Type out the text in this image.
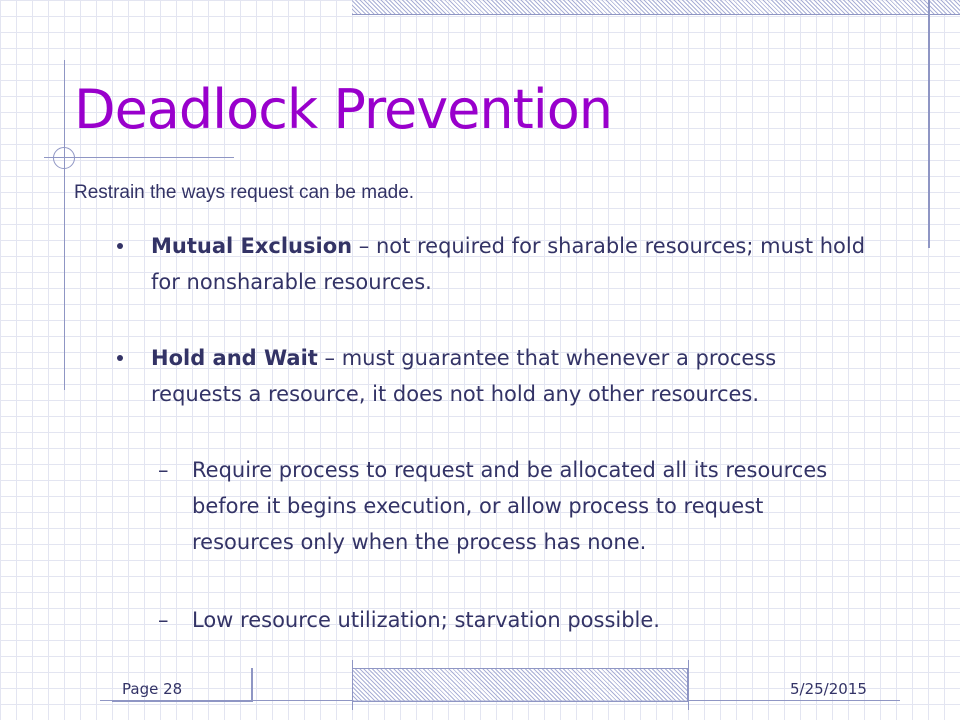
Deadlock Prevention
Restrain the ways request can be made.
Mutual Exclusion – not required for sharable resources; must hold for nonsharable resources.
Hold and Wait – must guarantee that whenever a process requests a resource, it does not hold any other resources.
– Require process to request and be allocated all its resources before it begins execution, or allow process to request resources only when the process has none.
– Low resource utilization; starvation possible.
Page 28	5/25/2015
